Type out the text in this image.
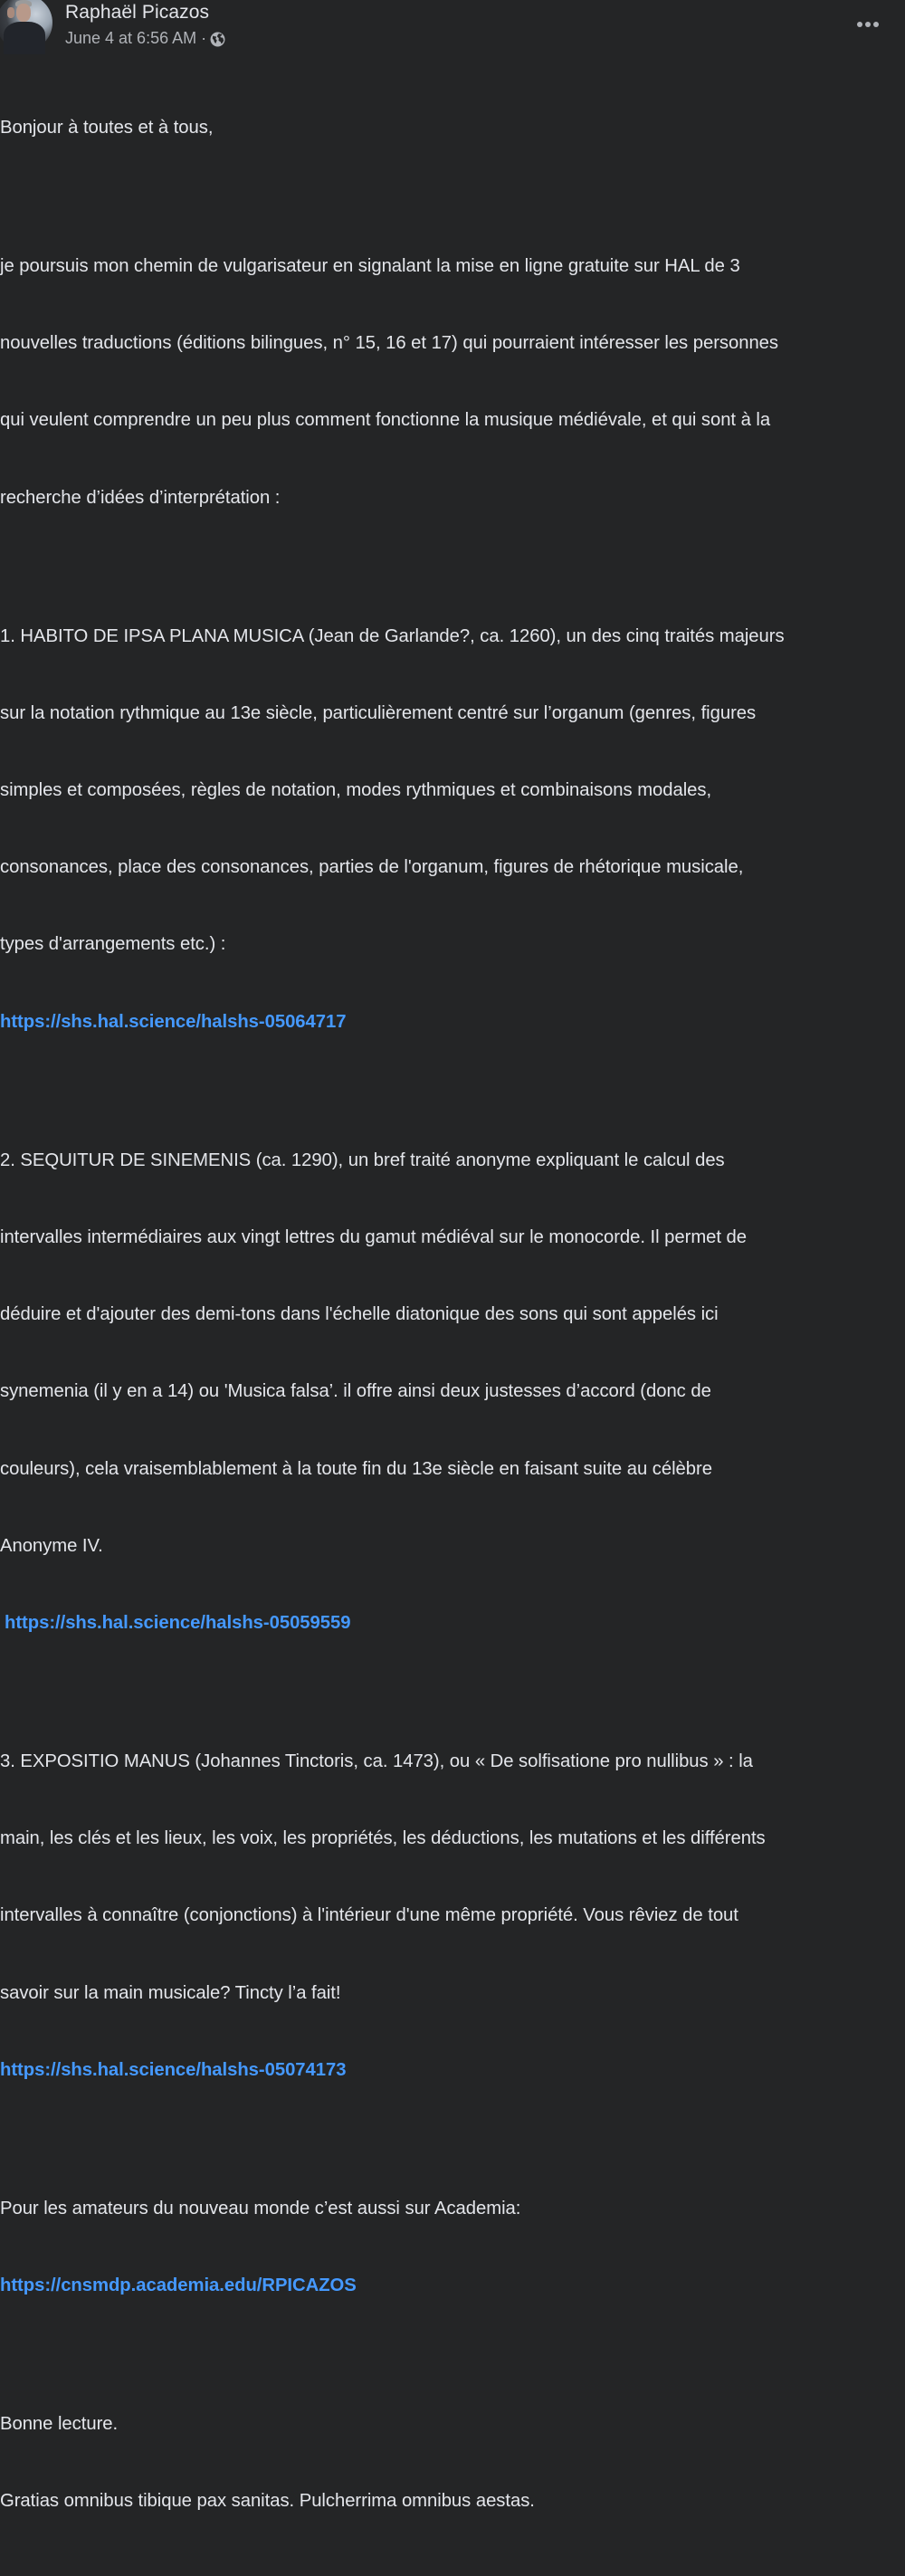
Raphaël Picazos
June 4 at 6:56 AM ·

Bonjour à toutes et à tous,

je poursuis mon chemin de vulgarisateur en signalant la mise en ligne gratuite sur HAL de 3

nouvelles traductions (éditions bilingues, n° 15, 16 et 17) qui pourraient intéresser les personnes

qui veulent comprendre un peu plus comment fonctionne la musique médiévale, et qui sont à la

recherche d’idées d’interprétation :

1. HABITO DE IPSA PLANA MUSICA (Jean de Garlande?, ca. 1260), un des cinq traités majeurs

sur la notation rythmique au 13e siècle, particulièrement centré sur l’organum (genres, figures

simples et composées, règles de notation, modes rythmiques et combinaisons modales,

consonances, place des consonances, parties de l'organum, figures de rhétorique musicale,

types d'arrangements etc.) :

https://shs.hal.science/halshs-05064717

2. SEQUITUR DE SINEMENIS (ca. 1290), un bref traité anonyme expliquant le calcul des

intervalles intermédiaires aux vingt lettres du gamut médiéval sur le monocorde. Il permet de

déduire et d'ajouter des demi-tons dans l'échelle diatonique des sons qui sont appelés ici

synemenia (il y en a 14) ou 'Musica falsa’. il offre ainsi deux justesses d’accord (donc de

couleurs), cela vraisemblablement à la toute fin du 13e siècle en faisant suite au célèbre

Anonyme IV.

https://shs.hal.science/halshs-05059559

3. EXPOSITIO MANUS (Johannes Tinctoris, ca. 1473), ou « De solfisatione pro nullibus » : la

main, les clés et les lieux, les voix, les propriétés, les déductions, les mutations et les différents

intervalles à connaître (conjonctions) à l'intérieur d'une même propriété. Vous rêviez de tout

savoir sur la main musicale? Tincty l’a fait!

https://shs.hal.science/halshs-05074173

Pour les amateurs du nouveau monde c’est aussi sur Academia:

https://cnsmdp.academia.edu/RPICAZOS

Bonne lecture.

Gratias omnibus tibique pax sanitas. Pulcherrima omnibus aestas.
